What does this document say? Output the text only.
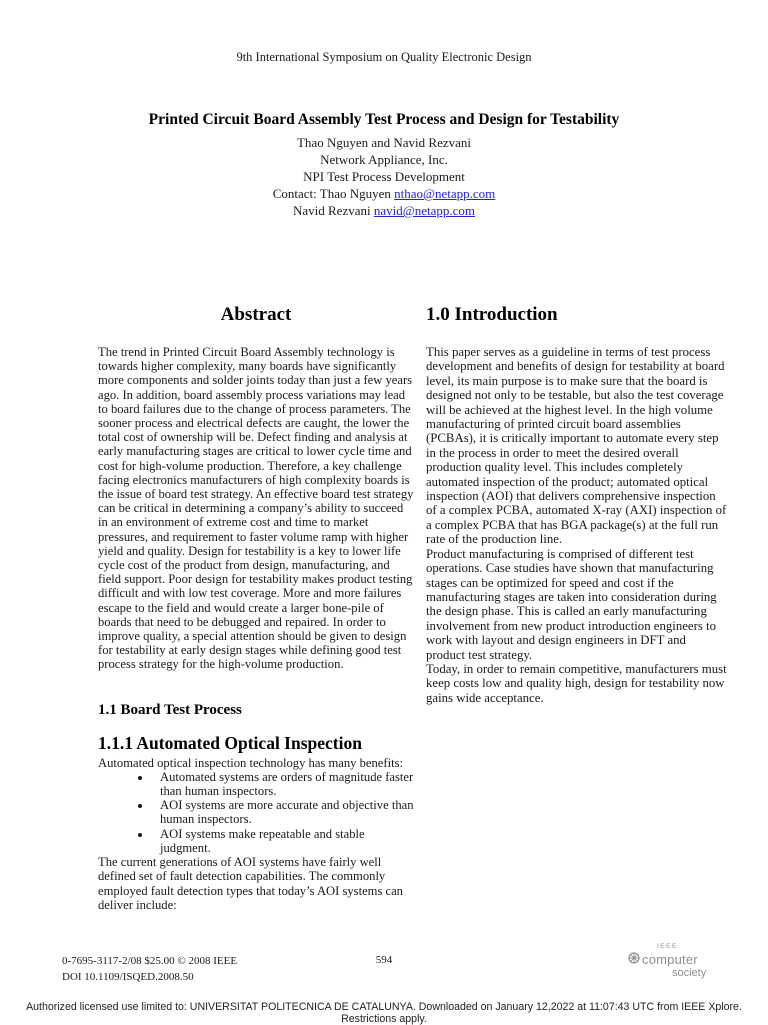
9th International Symposium on Quality Electronic Design
Printed Circuit Board Assembly Test Process and Design for Testability
Thao Nguyen and Navid Rezvani
Network Appliance, Inc.
NPI Test Process Development
Contact: Thao Nguyen nthao@netapp.com
Navid Rezvani navid@netapp.com
Abstract

The trend in Printed Circuit Board Assembly technology is towards higher complexity, many boards have significantly more components and solder joints today than just a few years ago. In addition, board assembly process variations may lead to board failures due to the change of process parameters. The sooner process and electrical defects are caught, the lower the total cost of ownership will be. Defect finding and analysis at early manufacturing stages are critical to lower cycle time and cost for high-volume production. Therefore, a key challenge facing electronics manufacturers of high complexity boards is the issue of board test strategy. An effective board test strategy can be critical in determining a company’s ability to succeed in an environment of extreme cost and time to market pressures, and requirement to faster volume ramp with higher yield and quality. Design for testability is a key to lower life cycle cost of the product from design, manufacturing, and field support. Poor design for testability makes product testing difficult and with low test coverage. More and more failures escape to the field and would create a larger bone-pile of boards that need to be debugged and repaired. In order to improve quality, a special attention should be given to design for testability at early design stages while defining good test process strategy for the high-volume production.

1.1 Board Test Process
1.1.1 Automated Optical Inspection

Automated optical inspection technology has many benefits:

• Automated systems are orders of magnitude faster than human inspectors.
• AOI systems are more accurate and objective than human inspectors.
• AOI systems make repeatable and stable judgment.

The current generations of AOI systems have fairly well defined set of fault detection capabilities. The commonly employed fault detection types that today’s AOI systems can deliver include:

1.0 Introduction

This paper serves as a guideline in terms of test process development and benefits of design for testability at board level, its main purpose is to make sure that the board is designed not only to be testable, but also the test coverage will be achieved at the highest level. In the high volume manufacturing of printed circuit board assemblies (PCBAs), it is critically important to automate every step in the process in order to meet the desired overall production quality level. This includes completely automated inspection of the product; automated optical inspection (AOI) that delivers comprehensive inspection of a complex PCBA, automated X-ray (AXI) inspection of a complex PCBA that has BGA package(s) at the full run rate of the production line.

Product manufacturing is comprised of different test operations. Case studies have shown that manufacturing stages can be optimized for speed and cost if the manufacturing stages are taken into consideration during the design phase. This is called an early manufacturing involvement from new product introduction engineers to work with layout and design engineers in DFT and product test strategy.

Today, in order to remain competitive, manufacturers must keep costs low and quality high, design for testability now gains wide acceptance.

0-7695-3117-2/08 $25.00 © 2008 IEEE
DOI 10.1109/ISQED.2008.50
594
IEEE
computer
society
Authorized licensed use limited to: UNIVERSITAT POLITECNICA DE CATALUNYA. Downloaded on January 12,2022 at 11:07:43 UTC from IEEE Xplore. Restrictions apply.
